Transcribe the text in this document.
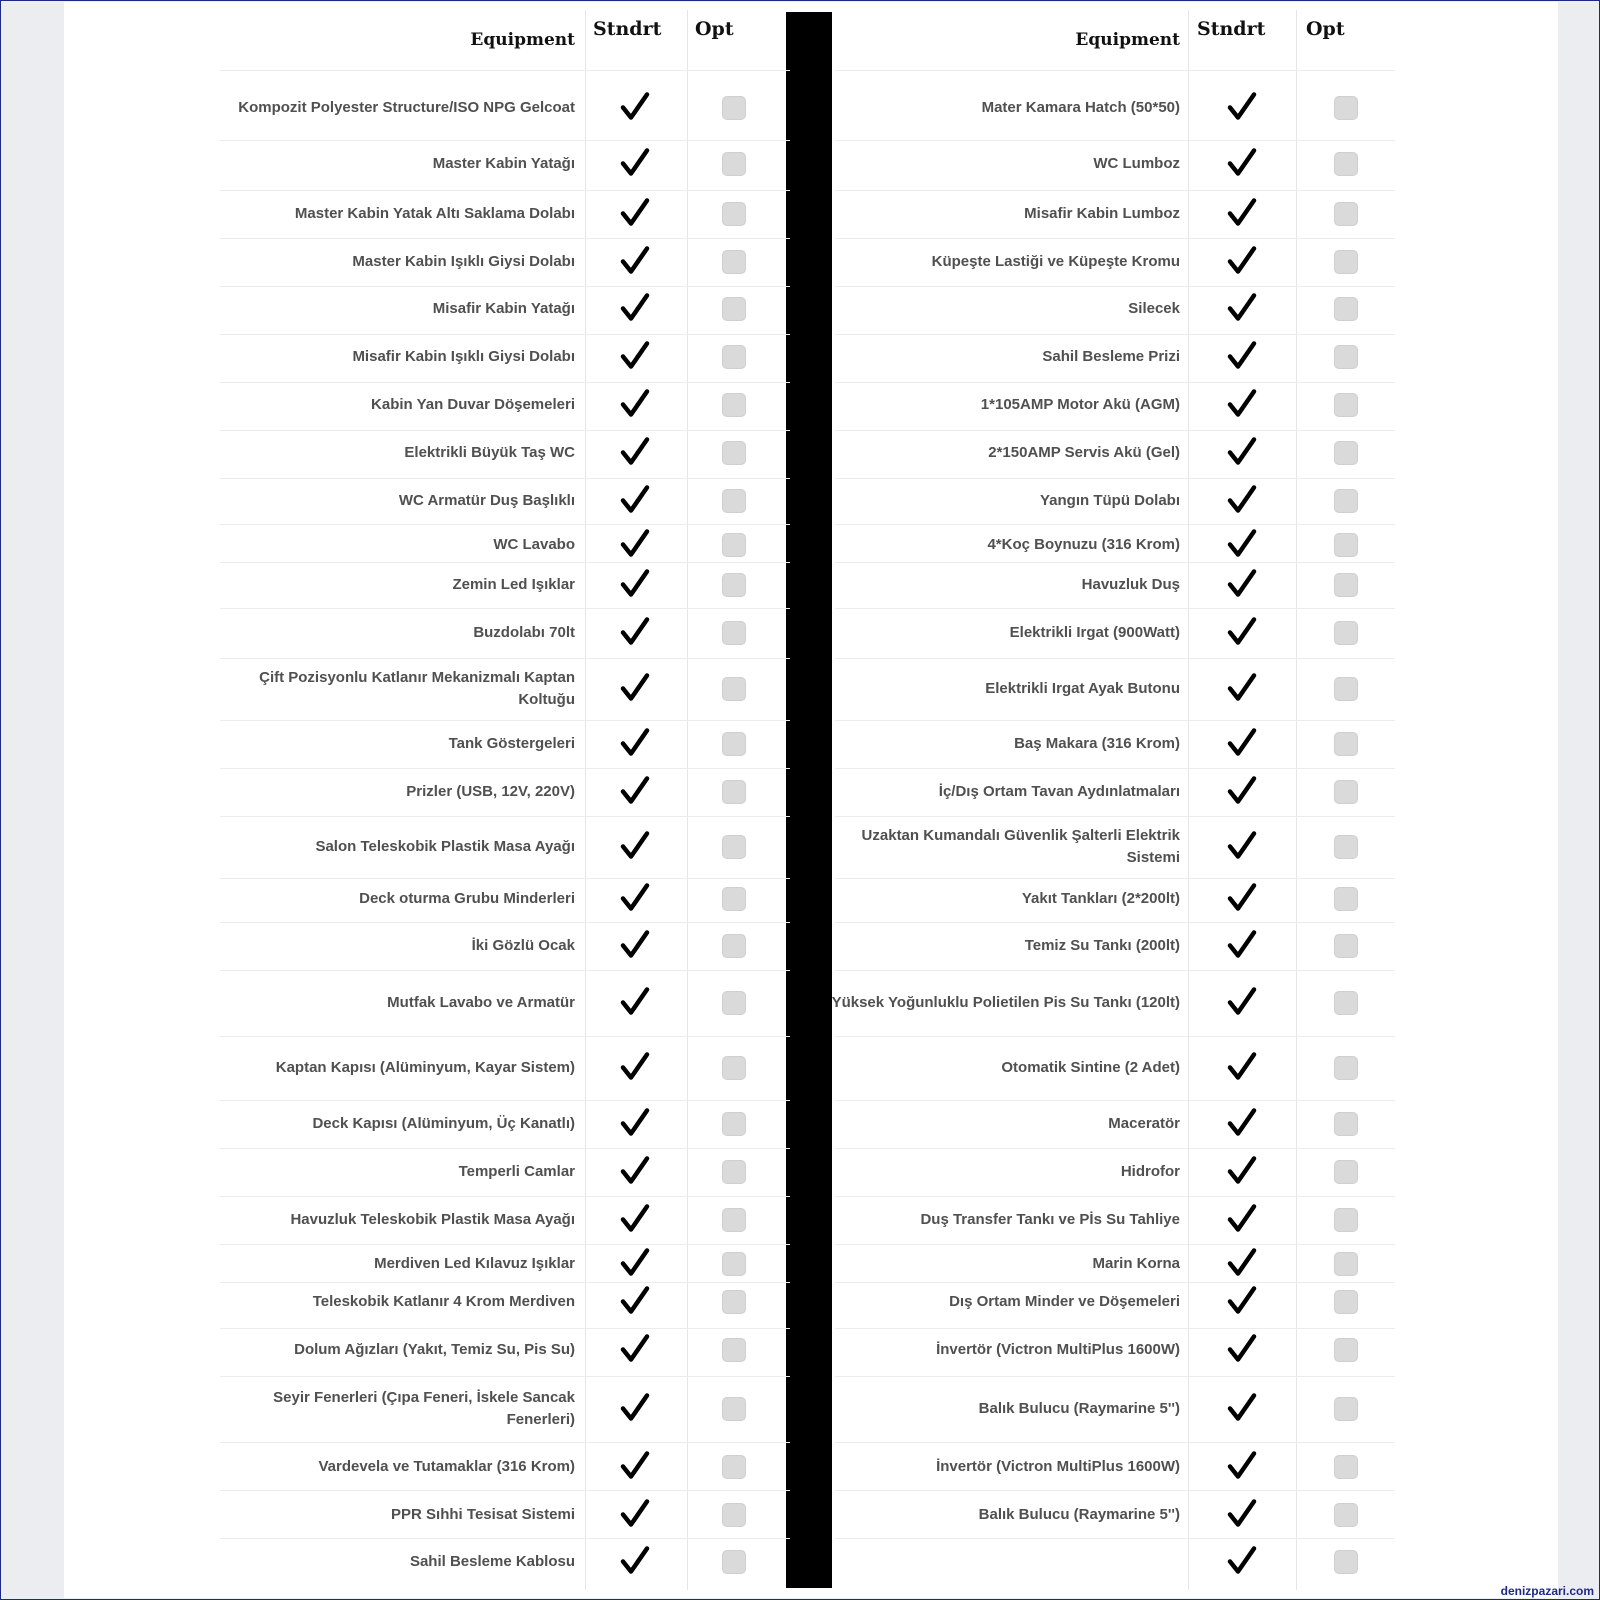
Equipment Stndrt Opt
Kompozit Polyester Structure/ISO NPG Gelcoat
Master Kabin Yatağı
Master Kabin Yatak Altı Saklama Dolabı
Master Kabin Işıklı Giysi Dolabı
Misafir Kabin Yatağı
Misafir Kabin Işıklı Giysi Dolabı
Kabin Yan Duvar Döşemeleri
Elektrikli Büyük Taş WC
WC Armatür Duş Başlıklı
WC Lavabo
Zemin Led Işıklar
Buzdolabı 70lt
Çift Pozisyonlu Katlanır Mekanizmalı Kaptan Koltuğu
Tank Göstergeleri
Prizler (USB, 12V, 220V)
Salon Teleskobik Plastik Masa Ayağı
Deck oturma Grubu Minderleri
İki Gözlü Ocak
Mutfak Lavabo ve Armatür
Kaptan Kapısı (Alüminyum, Kayar Sistem)
Deck Kapısı (Alüminyum, Üç Kanatlı)
Temperli Camlar
Havuzluk Teleskobik Plastik Masa Ayağı
Merdiven Led Kılavuz Işıklar
Teleskobik Katlanır 4 Krom Merdiven
Dolum Ağızları (Yakıt, Temiz Su, Pis Su)
Seyir Fenerleri (Çıpa Feneri, İskele Sancak Fenerleri)
Vardevela ve Tutamaklar (316 Krom)
PPR Sıhhi Tesisat Sistemi
Sahil Besleme Kablosu
Equipment Stndrt Opt
Mater Kamara Hatch (50*50)
WC Lumboz
Misafir Kabin Lumboz
Küpeşte Lastiği ve Küpeşte Kromu
Silecek
Sahil Besleme Prizi
1*105AMP Motor Akü (AGM)
2*150AMP Servis Akü (Gel)
Yangın Tüpü Dolabı
4*Koç Boynuzu (316 Krom)
Havuzluk Duş
Elektrikli Irgat (900Watt)
Elektrikli Irgat Ayak Butonu
Baş Makara (316 Krom)
İç/Dış Ortam Tavan Aydınlatmaları
Uzaktan Kumandalı Güvenlik Şalterli Elektrik Sistemi
Yakıt Tankları (2*200lt)
Temiz Su Tankı (200lt)
Yüksek Yoğunluklu Polietilen Pis Su Tankı (120lt)
Otomatik Sintine (2 Adet)
Maceratör
Hidrofor
Duş Transfer Tankı ve Pİs Su Tahliye
Marin Korna
Dış Ortam Minder ve Döşemeleri
İnvertör (Victron MultiPlus 1600W)
Balık Bulucu (Raymarine 5'')
İnvertör (Victron MultiPlus 1600W)
Balık Bulucu (Raymarine 5'')
denizpazari.com
